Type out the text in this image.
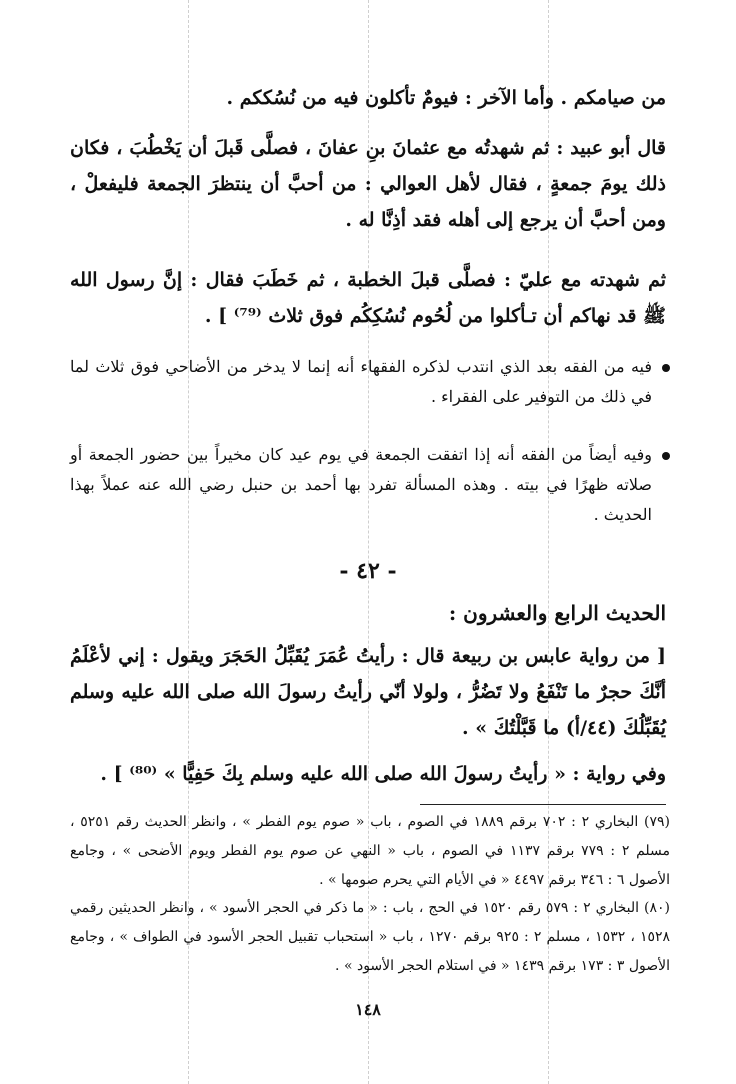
من صيامكم . وأما الآخر : فيومٌ تأكلون فيه من نُسُككم .

قال أبو عبيد : ثم شهدتُه مع عثمانَ بنِ عفانَ ، فصلَّى قَبلَ أن يَخْطُبَ ، فكان ذلك يومَ جمعةٍ ، فقال لأهل العوالي : من أحبَّ أن ينتظرَ الجمعة فليفعلْ ، ومن أحبَّ أن يرجع إلى أهله فقد أذِنَّا له .

ثم شهدته مع عليّ : فصلَّى قبلَ الخطبة ، ثم خَطَبَ فقال : إنَّ رسول الله ﷺ قد نهاكم أن تـأكلوا من لُحُوم نُسُكِكُم فوق ثلاث ⁽⁷⁹⁾ ] .

فيه من الفقه بعد الذي انتدب لذكره الفقهاء أنه إنما لا يدخر من الأضاحي فوق ثلاث لما في ذلك من التوفير على الفقراء .

وفيه أيضاً من الفقه أنه إذا اتفقت الجمعة في يوم عيد كان مخيراً بين حضور الجمعة أو صلاته ظهرًا في بيته . وهذه المسألة تفرد بها أحمد بن حنبل رضي الله عنه عملاً بهذا الحديث .

- ٤٢ -

الحديث الرابع والعشرون :

[ من رواية عابس بن ربيعة قال : رأيتُ عُمَرَ يُقَبِّلُ الحَجَرَ ويقول : إني لأعْلَمُ أنَّكَ حجرٌ ما تَنْفَعُ ولا تَضُرُّ ، ولولا أنّي رأيتُ رسولَ الله صلى الله عليه وسلم يُقَبِّلُكَ (٤٤/أ) ما قَبَّلْتُكَ » .

وفي رواية : « رأيتُ رسولَ الله صلى الله عليه وسلم بِكَ حَفِيًّا » ⁽⁸⁰⁾ ] .

(٧٩) البخاري ٢ : ٧٠٢ برقم ١٨٨٩ في الصوم ، باب « صوم يوم الفطر » ، وانظر الحديث رقم ٥٢٥١ ، مسلم ٢ : ٧٧٩ برقم ١١٣٧ في الصوم ، باب « النهي عن صوم يوم الفطر ويوم الأضحى » ، وجامع الأصول ٦ : ٣٤٦ برقم ٤٤٩٧ « في الأيام التي يحرم صومها » .

(٨٠) البخاري ٢ : ٥٧٩ رقم ١٥٢٠ في الحج ، باب : « ما ذكر في الحجر الأسود » ، وانظر الحديثين رقمي ١٥٢٨ ، ١٥٣٢ ، مسلم ٢ : ٩٢٥ برقم ١٢٧٠ ، باب « استحباب تقبيل الحجر الأسود في الطواف » ، وجامع الأصول ٣ : ١٧٣ برقم ١٤٣٩ « في استلام الحجر الأسود » .

١٤٨
